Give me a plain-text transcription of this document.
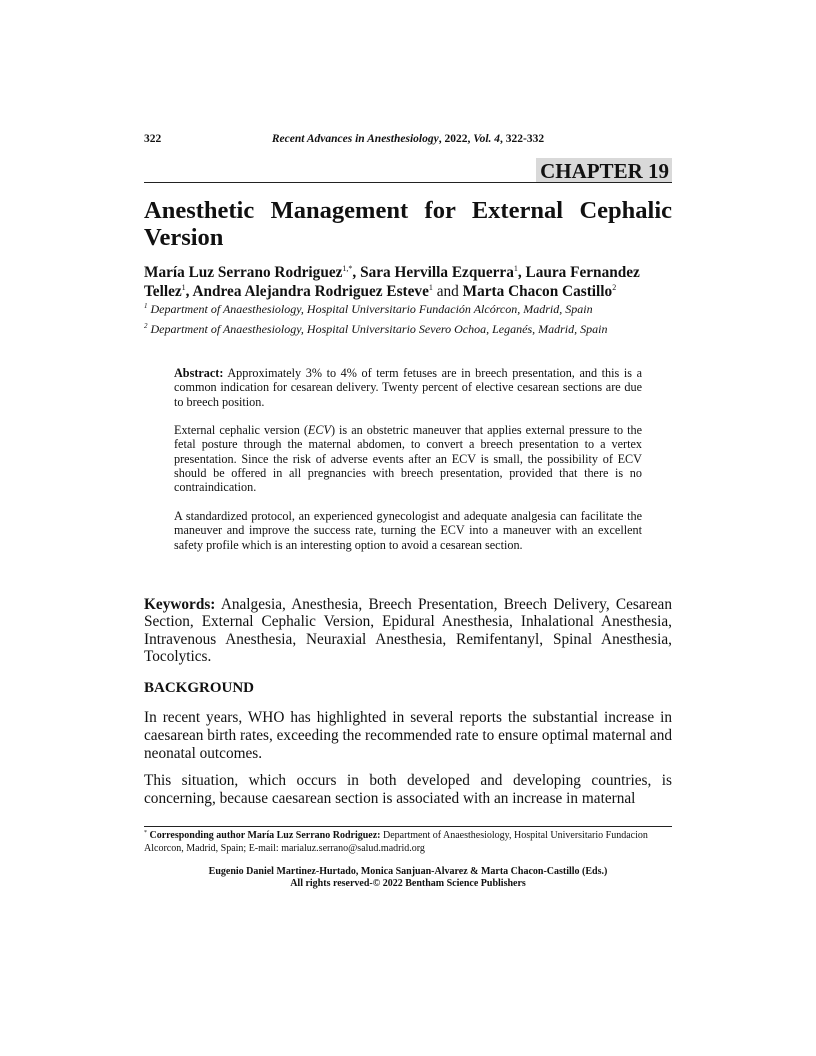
322	Recent Advances in Anesthesiology, 2022, Vol. 4, 322-332
CHAPTER 19
Anesthetic Management for External Cephalic
Version
María Luz Serrano Rodriguez$^{1,*}$, Sara Hervilla Ezquerra$^1$, Laura Fernandez Tellez$^1$, Andrea Alejandra Rodriguez Esteve$^1$ and Marta Chacon Castillo$^2$
$^1$ Department of Anaesthesiology, Hospital Universitario Fundación Alcórcon, Madrid, Spain
$^2$ Department of Anaesthesiology, Hospital Universitario Severo Ochoa, Leganés, Madrid, Spain
Abstract: Approximately 3% to 4% of term fetuses are in breech presentation, and this is a common indication for cesarean delivery. Twenty percent of elective cesarean sections are due to breech position.
External cephalic version (ECV) is an obstetric maneuver that applies external pressure to the fetal posture through the maternal abdomen, to convert a breech presentation to a vertex presentation. Since the risk of adverse events after an ECV is small, the possibility of ECV should be offered in all pregnancies with breech presentation, provided that there is no contraindication.
A standardized protocol, an experienced gynecologist and adequate analgesia can facilitate the maneuver and improve the success rate, turning the ECV into a maneuver with an excellent safety profile which is an interesting option to avoid a cesarean section.
Keywords: Analgesia, Anesthesia, Breech Presentation, Breech Delivery, Cesarean Section, External Cephalic Version, Epidural Anesthesia, Inhalational Anesthesia, Intravenous Anesthesia, Neuraxial Anesthesia, Remifentanyl, Spinal Anesthesia, Tocolytics.
BACKGROUND
In recent years, WHO has highlighted in several reports the substantial increase in caesarean birth rates, exceeding the recommended rate to ensure optimal maternal and neonatal outcomes.
This situation, which occurs in both developed and developing countries, is concerning, because caesarean section is associated with an increase in maternal
* Corresponding author María Luz Serrano Rodriguez: Department of Anaesthesiology, Hospital Universitario Fundacion Alcorcon, Madrid, Spain; E-mail: marialuz.serrano@salud.madrid.org
Eugenio Daniel Martinez-Hurtado, Monica Sanjuan-Alvarez & Marta Chacon-Castillo (Eds.)
All rights reserved-© 2022 Bentham Science Publishers
